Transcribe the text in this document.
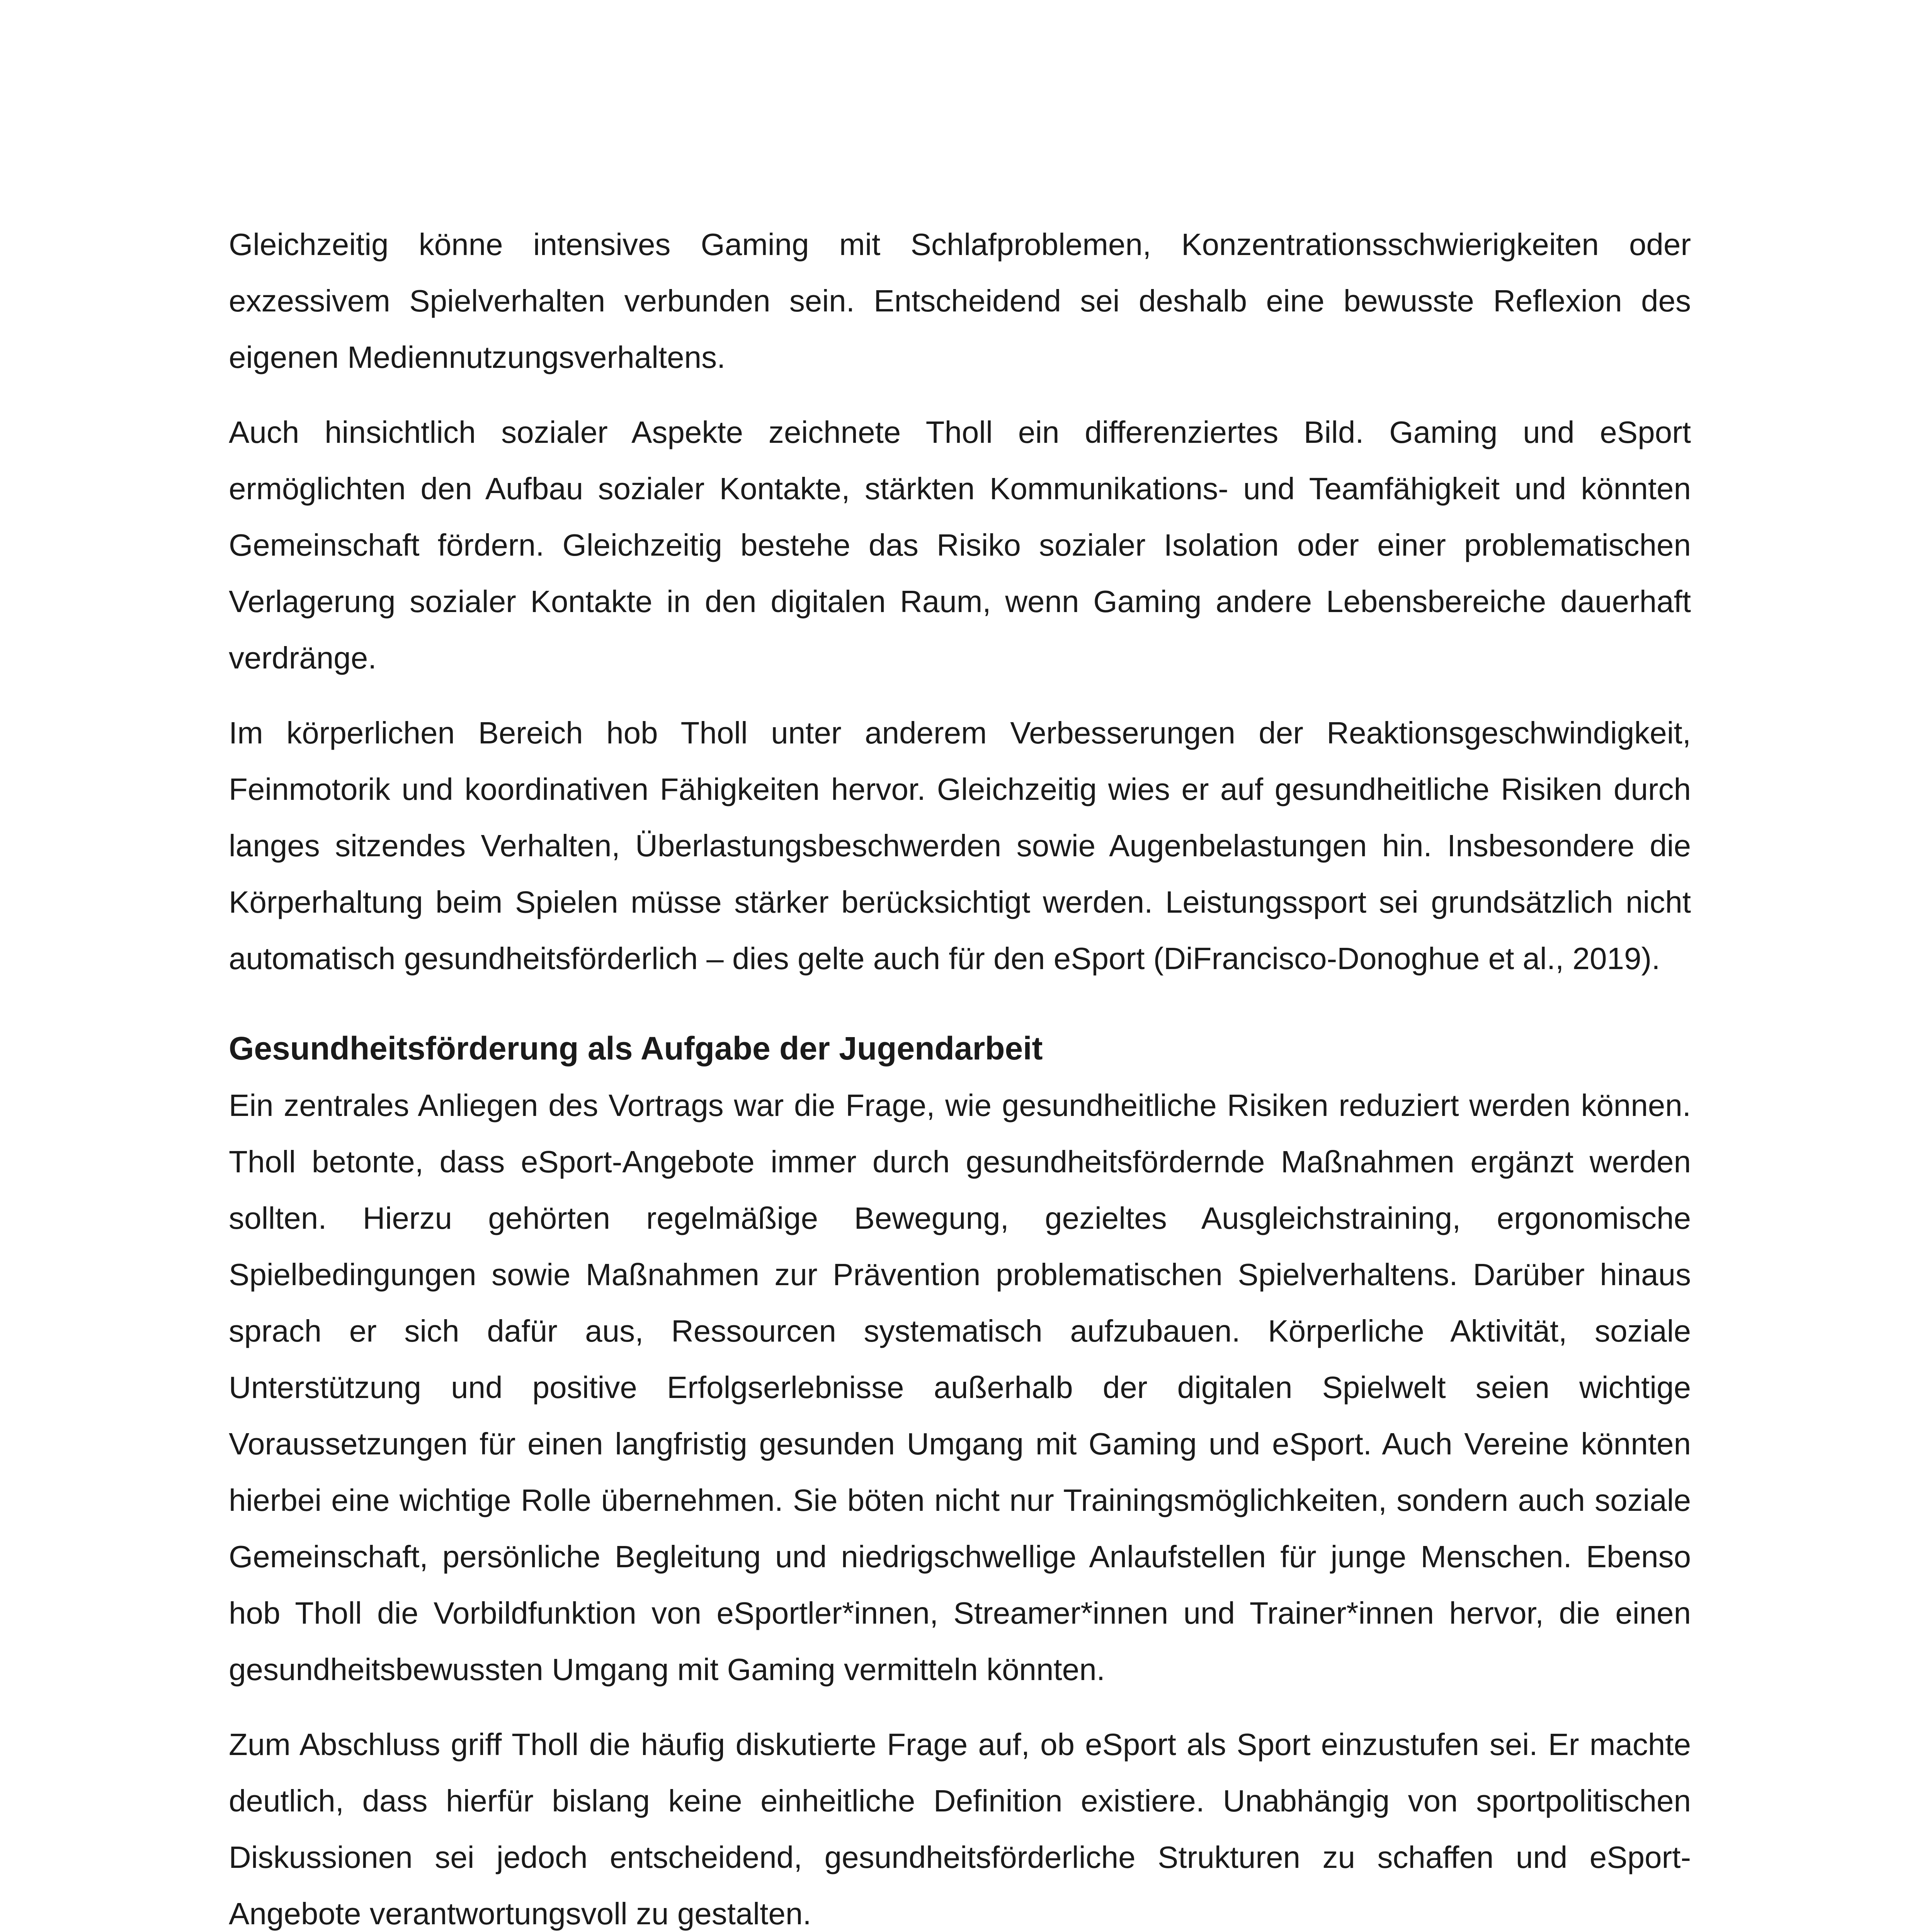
Gleichzeitig könne intensives Gaming mit Schlafproblemen, Konzentrationsschwierigkeiten oder exzessivem Spielverhalten verbunden sein. Entscheidend sei deshalb eine bewusste Reflexion des eigenen Mediennutzungsverhaltens.

Auch hinsichtlich sozialer Aspekte zeichnete Tholl ein differenziertes Bild. Gaming und eSport ermöglichten den Aufbau sozialer Kontakte, stärkten Kommunikations- und Teamfähigkeit und könnten Gemeinschaft fördern. Gleichzeitig bestehe das Risiko sozialer Isolation oder einer problematischen Verlagerung sozialer Kontakte in den digitalen Raum, wenn Gaming andere Lebensbereiche dauerhaft verdränge.

Im körperlichen Bereich hob Tholl unter anderem Verbesserungen der Reaktionsgeschwindigkeit, Feinmotorik und koordinativen Fähigkeiten hervor. Gleichzeitig wies er auf gesundheitliche Risiken durch langes sitzendes Verhalten, Überlastungsbeschwerden sowie Augenbelastungen hin. Insbesondere die Körperhaltung beim Spielen müsse stärker berücksichtigt werden. Leistungssport sei grundsätzlich nicht automatisch gesundheitsförderlich – dies gelte auch für den eSport (DiFrancisco-Donoghue et al., 2019).

Gesundheitsförderung als Aufgabe der Jugendarbeit

Ein zentrales Anliegen des Vortrags war die Frage, wie gesundheitliche Risiken reduziert werden können. Tholl betonte, dass eSport-Angebote immer durch gesundheitsfördernde Maßnahmen ergänzt werden sollten. Hierzu gehörten regelmäßige Bewegung, gezieltes Ausgleichstraining, ergonomische Spielbedingungen sowie Maßnahmen zur Prävention problematischen Spielverhaltens. Darüber hinaus sprach er sich dafür aus, Ressourcen systematisch aufzubauen. Körperliche Aktivität, soziale Unterstützung und positive Erfolgserlebnisse außerhalb der digitalen Spielwelt seien wichtige Voraussetzungen für einen langfristig gesunden Umgang mit Gaming und eSport. Auch Vereine könnten hierbei eine wichtige Rolle übernehmen. Sie böten nicht nur Trainingsmöglichkeiten, sondern auch soziale Gemeinschaft, persönliche Begleitung und niedrigschwellige Anlaufstellen für junge Menschen. Ebenso hob Tholl die Vorbildfunktion von eSportler*innen, Streamer*innen und Trainer*innen hervor, die einen gesundheitsbewussten Umgang mit Gaming vermitteln könnten.

Zum Abschluss griff Tholl die häufig diskutierte Frage auf, ob eSport als Sport einzustufen sei. Er machte deutlich, dass hierfür bislang keine einheitliche Definition existiere. Unabhängig von sportpolitischen Diskussionen sei jedoch entscheidend, gesundheitsförderliche Strukturen zu schaffen und eSport-Angebote verantwortungsvoll zu gestalten.
